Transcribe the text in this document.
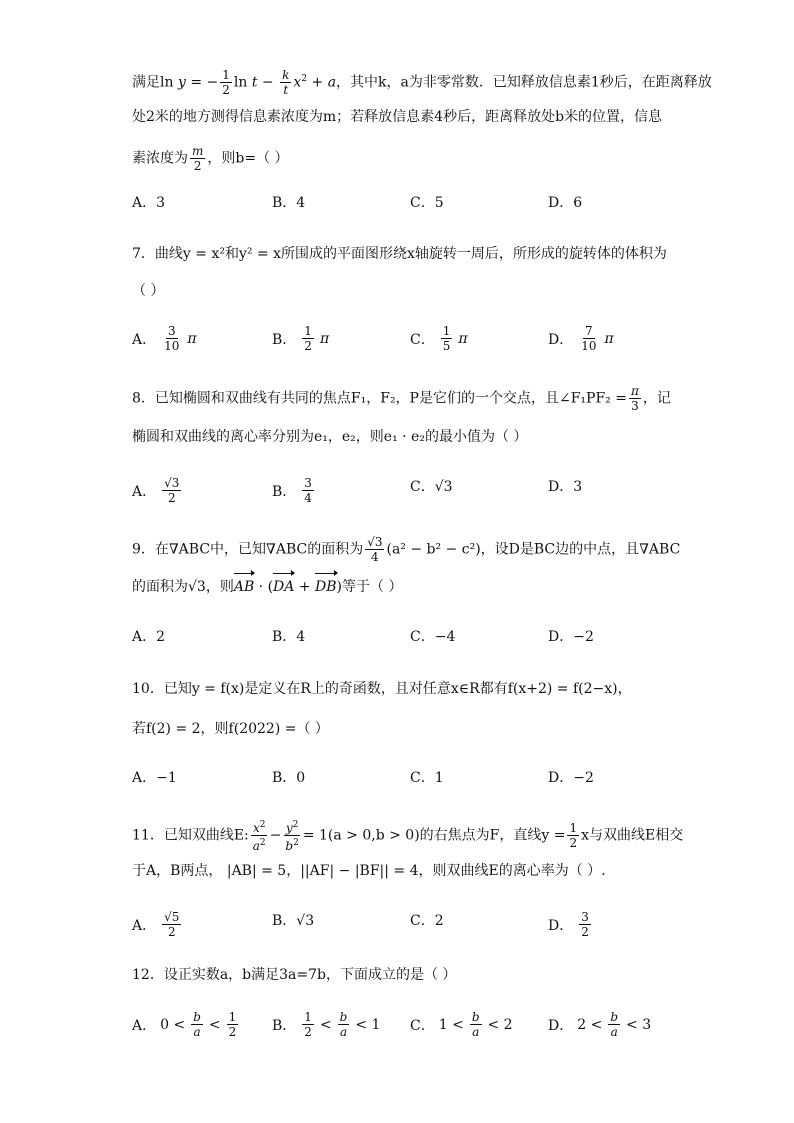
满足ln y = − $\frac{1}{2}$ $\ln t - \frac{k}{t} x^2 + a$，其中k，a为非零常数．已知释放信息素1秒后，在距离释放
处2米的地方测得信息素浓度为m；若释放信息素4秒后，距离释放处b米的位置，信息
素浓度为 $\frac{m}{2}$ ，则b=（ ）
A．3	B．4	C．5	D．6
7．曲线y = x²和y² = x所围成的平面图形绕x轴旋转一周后，所形成的旋转体的体积为
（ ）
A． $\frac{3}{10}$ π	B． $\frac{1}{2}$ π	C． $\frac{1}{5}$ π	D． $\frac{7}{10}$ π
8．已知椭圆和双曲线有共同的焦点F₁，F₂，P是它们的一个交点，且∠F₁PF₂ = $\frac{\pi}{3}$ ，记
椭圆和双曲线的离心率分别为e₁，e₂，则e₁ · e₂的最小值为（ ）
A． $\frac{√3}{2}$	B． $\frac{3}{4}$	C．√3	D．3
9．在∇ABC中，已知∇ABC的面积为 $\frac{√3}{4} (a^2 - b^2 - c^2)$，设D是BC边的中点，且∇ABC
的面积为√3，则AB · (DA + DB)等于（ ）
A．2	B．4	C．−4	D．−2
10．已知y = f(x)是定义在R上的奇函数，且对任意x∈R都有f(x+2) = f(2−x)，
若f(2) = 2，则f(2022) =（ ）
A．−1	B．0	C．1	D．−2
11．已知双曲线E: $\frac{x^2}{a^2} - \frac{y^2}{b^2} = 1(a > 0,b > 0)$的右焦点为F，直线$y = \frac{1}{2}$ x与双曲线E相交
于A，B两点， |AB| = 5，||AF| − |BF|| = 4，则双曲线E的离心率为（ ）.
A． $\frac{√5}{2}$	B．√3	C．2	D． $\frac{3}{2}$
12．设正实数a，b满足3a=7b，下面成立的是（ ）
A． $0 < \frac{b}{a} < \frac{1}{2}$ B． $\frac{1}{2} < \frac{b}{a} < 1$ C． $1 < \frac{b}{a} < 2$	D． $2 < \frac{b}{a} < 3$
